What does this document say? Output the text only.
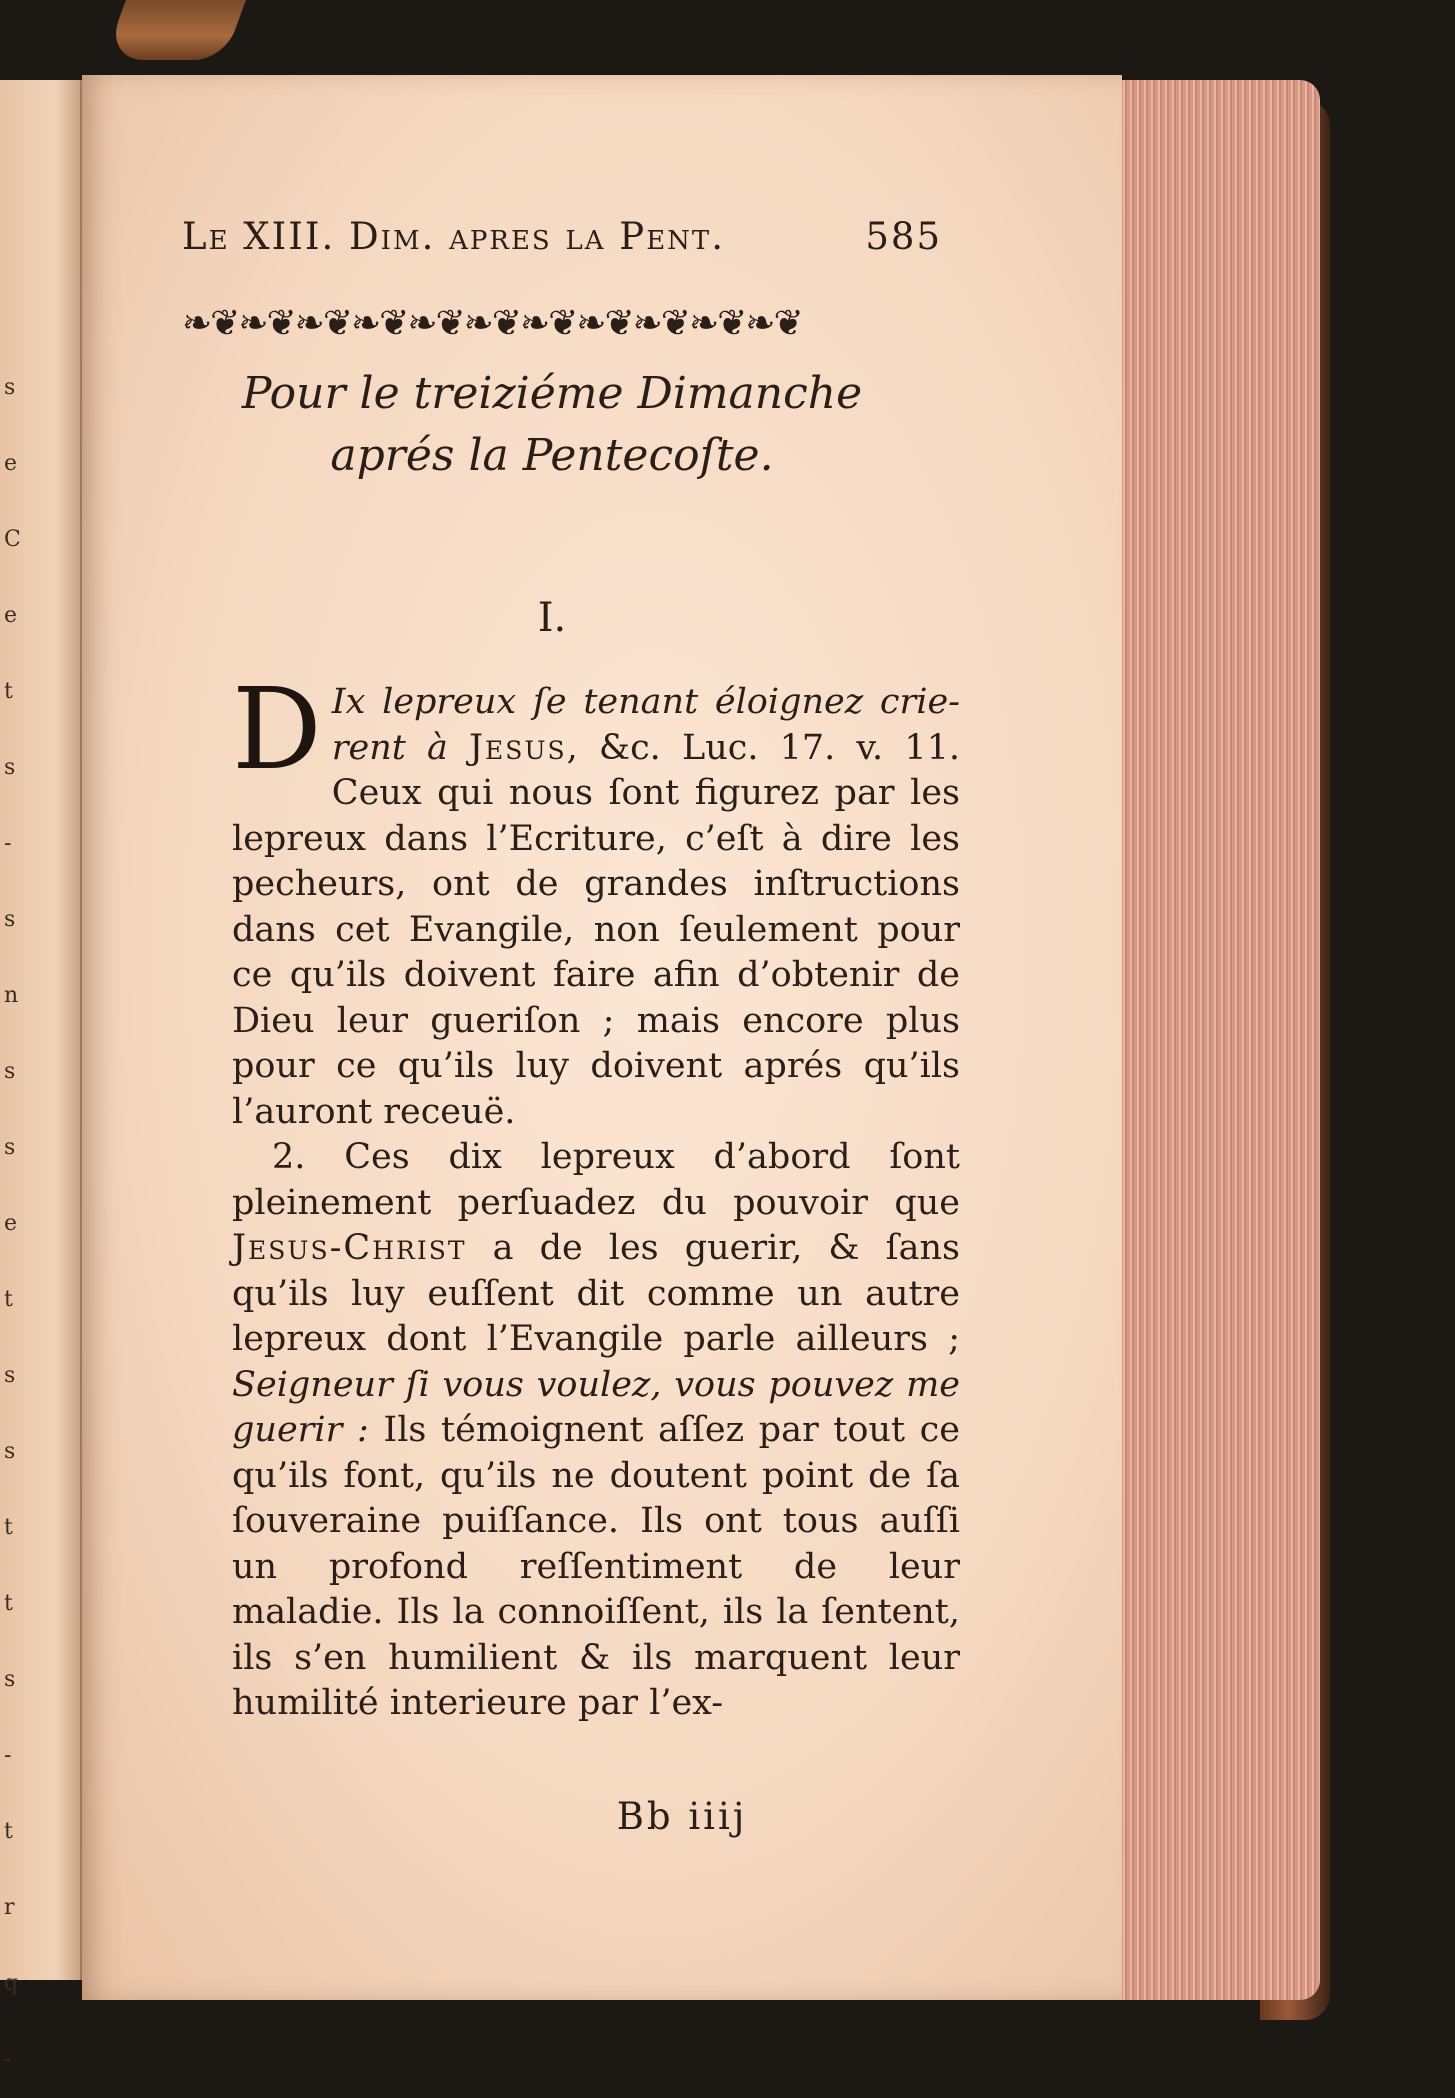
s
e
C
e
t
s
-
s
n
s
s
e
t
s
s
t
t
s
-
t
r
q
-
Le XIII. Dim. apres la Pent.	585
❧❦❧❦❧❦❧❦❧❦❧❦❧❦❧❦❧❦❧❦❧❦
Pour le treiziéme Dimanche
aprés la Pentecoſte.
I.

D Ix lepreux ſe tenant éloignez crie-rent à Jesus, &c. Luc. 17. v. 11. Ceux qui nous ſont figurez par les lepreux dans l’Ecriture, c’eſt à dire les pecheurs, ont de grandes inſtructions dans cet Evangile, non ſeulement pour ce qu’ils doivent faire afin d’obtenir de Dieu leur gueriſon ; mais encore plus pour ce qu’ils luy doivent aprés qu’ils l’auront receuë.

2. Ces dix lepreux d’abord ſont pleinement perſuadez du pouvoir que Jesus-Christ a de les guerir, & ſans qu’ils luy euſſent dit comme un autre lepreux dont l’Evangile parle ailleurs ; Seigneur ſi vous voulez, vous pouvez me guerir : Ils témoignent aſſez par tout ce qu’ils font, qu’ils ne doutent point de ſa ſouveraine puiſſance. Ils ont tous auſſi un profond reſſentiment de leur maladie. Ils la connoiſſent, ils la ſentent, ils s’en humilient & ils marquent leur humilité interieure par l’ex-

Bb iiij
